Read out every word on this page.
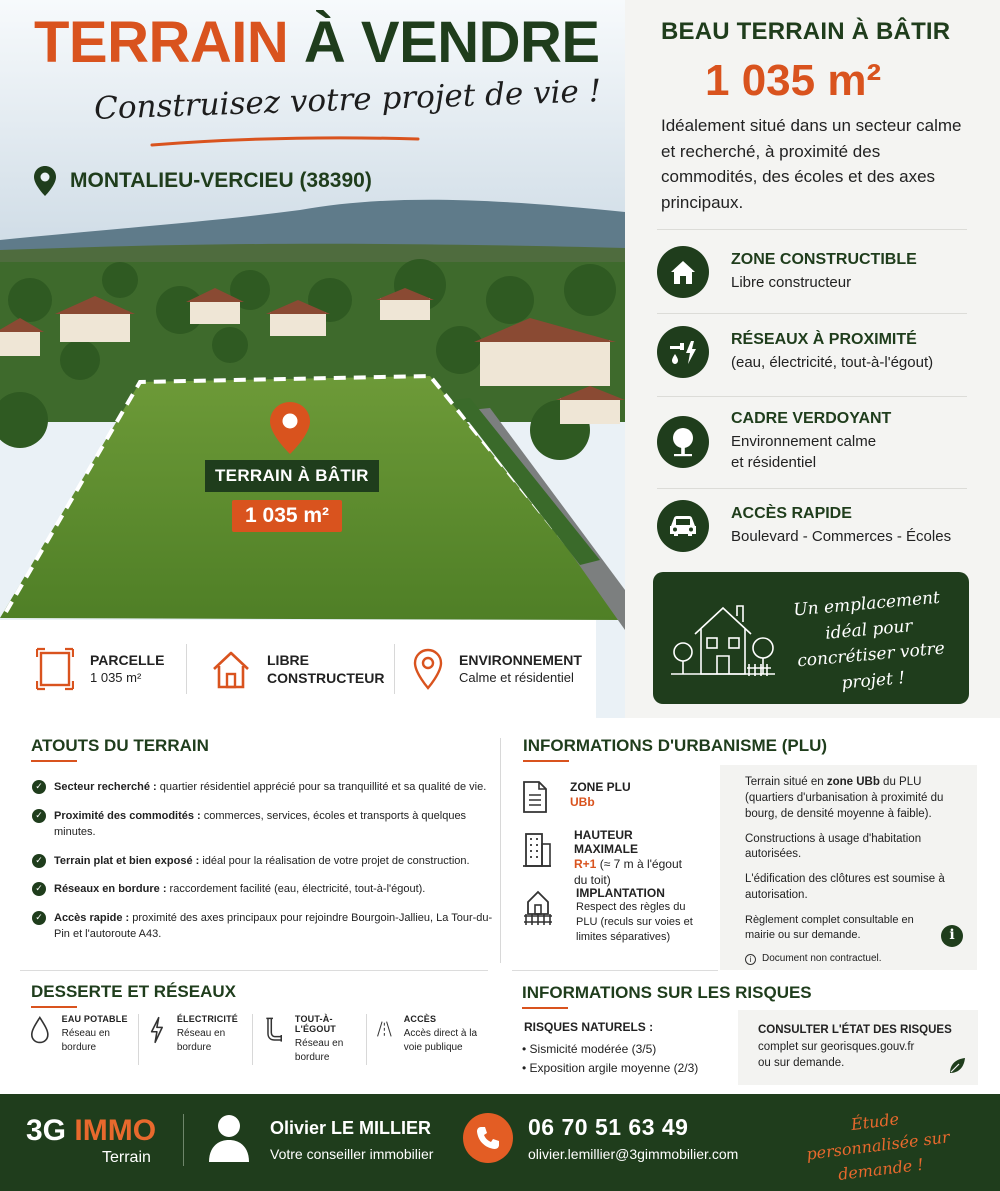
TERRAIN À VENDRE
Construisez votre projet de vie !
MONTALIEU-VERCIEU (38390)
TERRAIN À BÂTIR
1 035 m²
PARCELLE
1 035 m²
LIBRE
CONSTRUCTEUR
ENVIRONNEMENT
Calme et résidentiel
BEAU TERRAIN À BÂTIR
1 035 m²
Idéalement situé dans un secteur calme et recherché, à proximité des commodités, des écoles et des axes principaux.
ZONE CONSTRUCTIBLE
Libre constructeur
RÉSEAUX À PROXIMITÉ
(eau, électricité, tout-à-l'égout)
CADRE VERDOYANT
Environnement calme
et résidentiel
ACCÈS RAPIDE
Boulevard - Commerces - Écoles
Un emplacement idéal pour concrétiser votre projet !
ATOUTS DU TERRAIN
✓ Secteur recherché : quartier résidentiel apprécié pour sa tranquillité et sa qualité de vie.
✓ Proximité des commodités : commerces, services, écoles et transports à quelques minutes.
✓ Terrain plat et bien exposé : idéal pour la réalisation de votre projet de construction.
✓ Réseaux en bordure : raccordement facilité (eau, électricité, tout-à-l'égout).
✓ Accès rapide : proximité des axes principaux pour rejoindre Bourgoin-Jallieu, La Tour-du-Pin et l'autoroute A43.
INFORMATIONS D'URBANISME (PLU)
ZONE PLU
UBb
HAUTEUR MAXIMALE
R+1 (≈ 7 m à l'égout du toit)
IMPLANTATION
Respect des règles du PLU (reculs sur voies et limites séparatives)

Terrain situé en zone UBb du PLU (quartiers d'urbanisation à proximité du bourg, de densité moyenne à faible).

Constructions à usage d'habitation autorisées.

L'édification des clôtures est soumise à autorisation.

Règlement complet consultable en mairie ou sur demande.

i	Document non contractuel.
i
DESSERTE ET RÉSEAUX
EAU POTABLE
Réseau en bordure
ÉLECTRICITÉ
Réseau en bordure
TOUT-À-L'ÉGOUT
Réseau en bordure
ACCÈS
Accès direct à la voie publique
INFORMATIONS SUR LES RISQUES
RISQUES NATURELS :
• Sismicité modérée (3/5)
• Exposition argile moyenne (2/3)
CONSULTER L'ÉTAT DES RISQUES
complet sur georisques.gouv.fr ou sur demande.
3G IMMO
Terrain
Olivier LE MILLIER
Votre conseiller immobilier
06 70 51 63 49
olivier.lemillier@3gimmobilier.com
Étude personnalisée sur demande !
